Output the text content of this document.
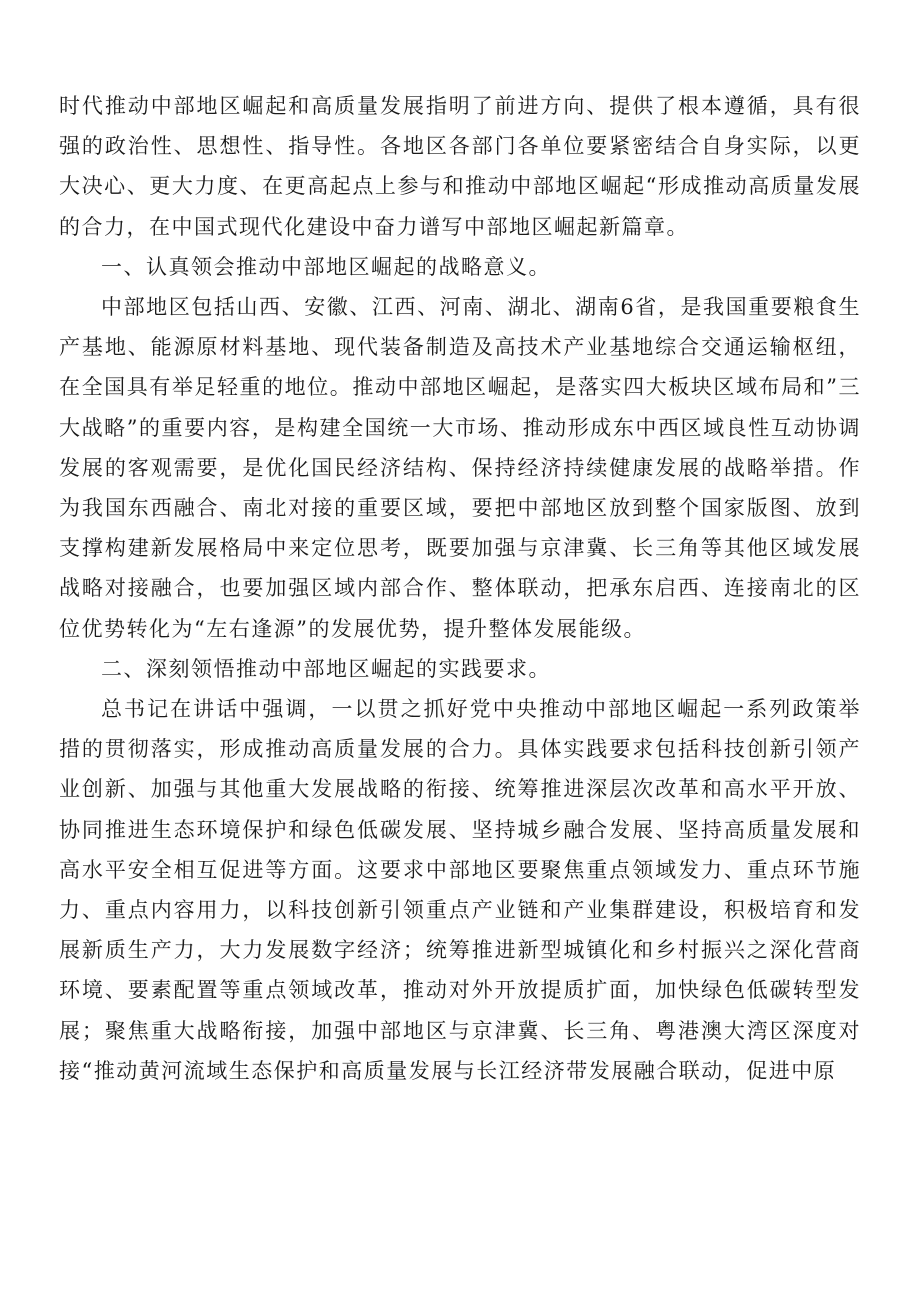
时代推动中部地区崛起和高质量发展指明了前进方向、提供了根本遵循，具有很强的政治性、思想性、指导性。各地区各部门各单位要紧密结合自身实际，以更大决心、更大力度、在更高起点上参与和推动中部地区崛起“形成推动高质量发展的合力，在中国式现代化建设中奋力谱写中部地区崛起新篇章。

一、认真领会推动中部地区崛起的战略意义。

中部地区包括山西、安徽、江西、河南、湖北、湖南6省，是我国重要粮食生产基地、能源原材料基地、现代装备制造及高技术产业基地综合交通运输枢纽，在全国具有举足轻重的地位。推动中部地区崛起，是落实四大板块区域布局和”三大战略”的重要内容，是构建全国统一大市场、推动形成东中西区域良性互动协调发展的客观需要，是优化国民经济结构、保持经济持续健康发展的战略举措。作为我国东西融合、南北对接的重要区域，要把中部地区放到整个国家版图、放到支撑构建新发展格局中来定位思考，既要加强与京津冀、长三角等其他区域发展战略对接融合，也要加强区域内部合作、整体联动，把承东启西、连接南北的区位优势转化为“左右逢源”的发展优势，提升整体发展能级。

二、深刻领悟推动中部地区崛起的实践要求。

总书记在讲话中强调，一以贯之抓好党中央推动中部地区崛起一系列政策举措的贯彻落实，形成推动高质量发展的合力。具体实践要求包括科技创新引领产业创新、加强与其他重大发展战略的衔接、统筹推进深层次改革和高水平开放、协同推进生态环境保护和绿色低碳发展、坚持城乡融合发展、坚持高质量发展和高水平安全相互促进等方面。这要求中部地区要聚焦重点领域发力、重点环节施力、重点内容用力，以科技创新引领重点产业链和产业集群建设，积极培育和发展新质生产力，大力发展数字经济；统筹推进新型城镇化和乡村振兴之深化营商环境、要素配置等重点领域改革，推动对外开放提质扩面，加快绿色低碳转型发展；聚焦重大战略衔接，加强中部地区与京津冀、长三角、粤港澳大湾区深度对接“推动黄河流域生态保护和高质量发展与长江经济带发展融合联动，促进中原
